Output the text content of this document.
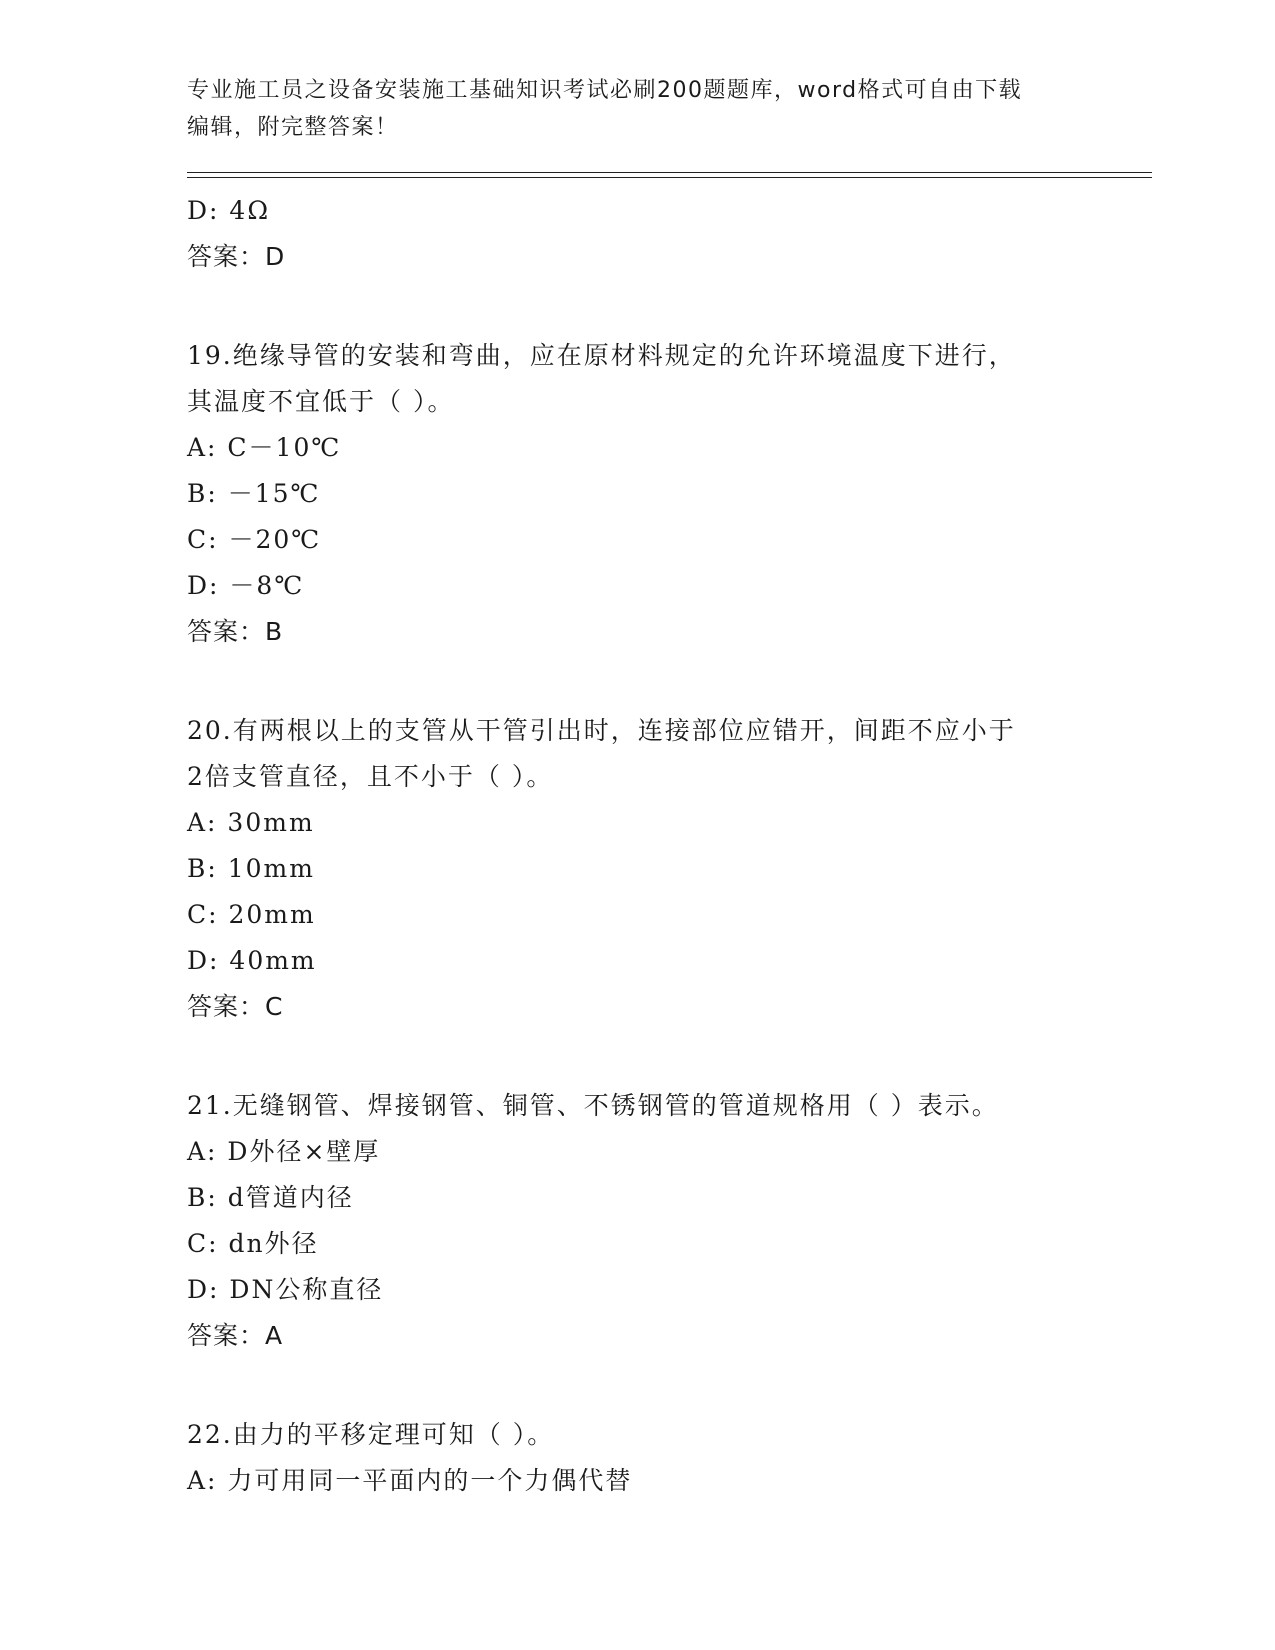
专业施工员之设备安装施工基础知识考试必刷200题题库，word格式可自由下载
编辑，附完整答案！
D: 4Ω
答案：D
19.绝缘导管的安装和弯曲，应在原材料规定的允许环境温度下进行，
其温度不宜低于（ ）。
A: C－10℃
B: －15℃
C: －20℃
D: －8℃
答案：B
20.有两根以上的支管从干管引出时，连接部位应错开，间距不应小于
2倍支管直径，且不小于（ ）。
A: 30mm
B: 10mm
C: 20mm
D: 40mm
答案：C
21.无缝钢管、焊接钢管、铜管、不锈钢管的管道规格用（ ）表示。
A: D外径×壁厚
B: d管道内径
C: dn外径
D: DN公称直径
答案：A
22.由力的平移定理可知（ ）。
A: 力可用同一平面内的一个力偶代替
